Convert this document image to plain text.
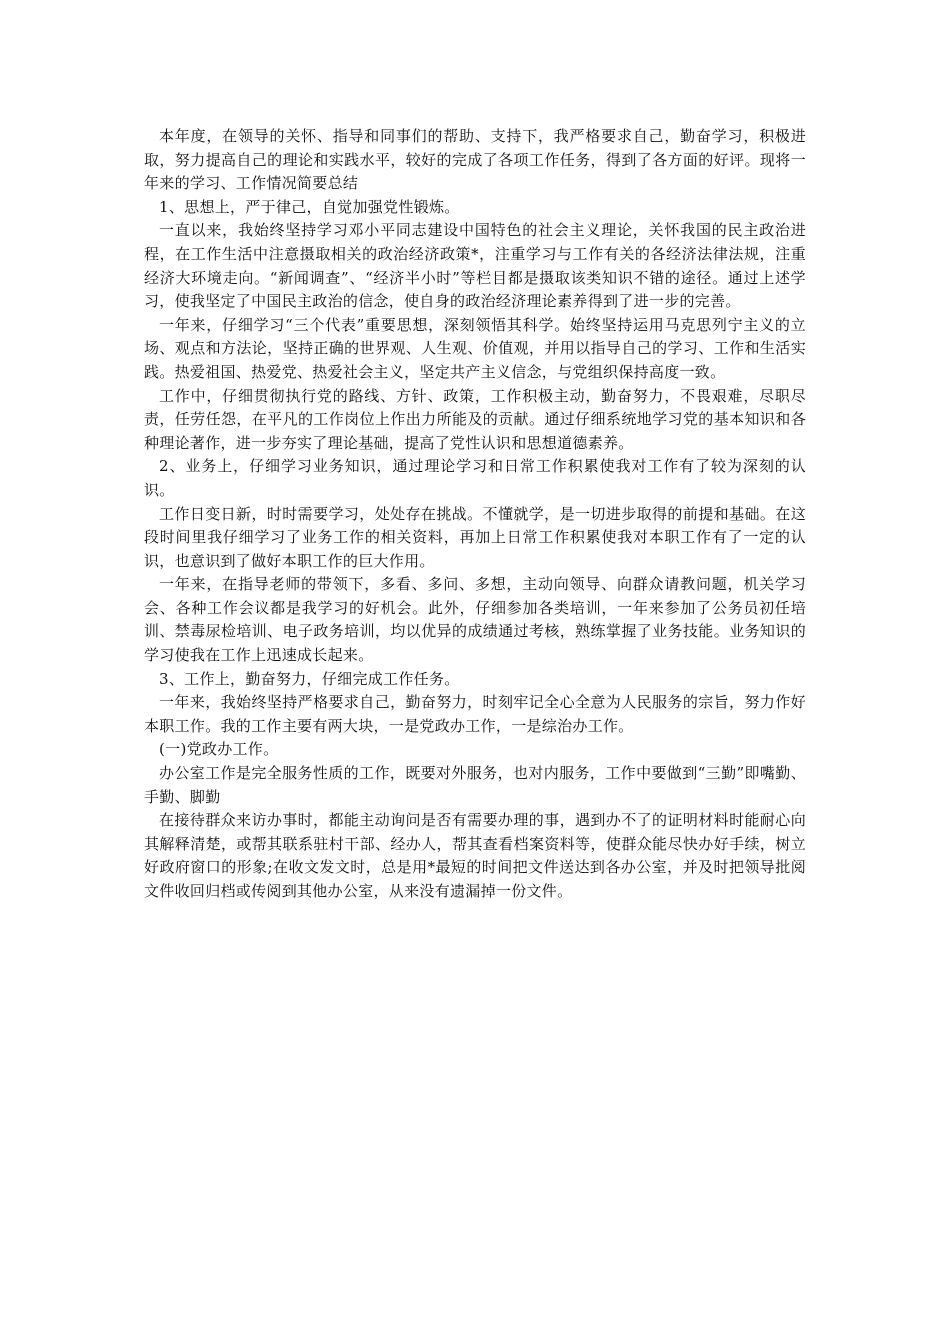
本年度，在领导的关怀、指导和同事们的帮助、支持下，我严格要求自己，勤奋学习，积极进取，努力提高自己的理论和实践水平，较好的完成了各项工作任务，得到了各方面的好评。现将一年来的学习、工作情况简要总结

1、思想上，严于律己，自觉加强党性锻炼。

一直以来，我始终坚持学习邓小平同志建设中国特色的社会主义理论，关怀我国的民主政治进程，在工作生活中注意摄取相关的政治经济政策*，注重学习与工作有关的各经济法律法规，注重经济大环境走向。“新闻调查”、“经济半小时”等栏目都是摄取该类知识不错的途径。通过上述学习，使我坚定了中国民主政治的信念，使自身的政治经济理论素养得到了进一步的完善。

一年来，仔细学习“三个代表”重要思想，深刻领悟其科学。始终坚持运用马克思列宁主义的立场、观点和方法论，坚持正确的世界观、人生观、价值观，并用以指导自己的学习、工作和生活实践。热爱祖国、热爱党、热爱社会主义，坚定共产主义信念，与党组织保持高度一致。

工作中，仔细贯彻执行党的路线、方针、政策，工作积极主动，勤奋努力，不畏艰难，尽职尽责，任劳任怨，在平凡的工作岗位上作出力所能及的贡献。通过仔细系统地学习党的基本知识和各种理论著作，进一步夯实了理论基础，提高了党性认识和思想道德素养。

2、业务上，仔细学习业务知识，通过理论学习和日常工作积累使我对工作有了较为深刻的认识。

工作日变日新，时时需要学习，处处存在挑战。不懂就学，是一切进步取得的前提和基础。在这段时间里我仔细学习了业务工作的相关资料，再加上日常工作积累使我对本职工作有了一定的认识，也意识到了做好本职工作的巨大作用。

一年来，在指导老师的带领下，多看、多问、多想，主动向领导、向群众请教问题，机关学习会、各种工作会议都是我学习的好机会。此外，仔细参加各类培训，一年来参加了公务员初任培训、禁毒尿检培训、电子政务培训，均以优异的成绩通过考核，熟练掌握了业务技能。业务知识的学习使我在工作上迅速成长起来。

3、工作上，勤奋努力，仔细完成工作任务。

一年来，我始终坚持严格要求自己，勤奋努力，时刻牢记全心全意为人民服务的宗旨，努力作好本职工作。我的工作主要有两大块，一是党政办工作，一是综治办工作。

(一)党政办工作。

办公室工作是完全服务性质的工作，既要对外服务，也对内服务，工作中要做到“三勤”即嘴勤、手勤、脚勤

在接待群众来访办事时，都能主动询问是否有需要办理的事，遇到办不了的证明材料时能耐心向其解释清楚，或帮其联系驻村干部、经办人，帮其查看档案资料等，使群众能尽快办好手续，树立好政府窗口的形象;在收文发文时，总是用*最短的时间把文件送达到各办公室，并及时把领导批阅文件收回归档或传阅到其他办公室，从来没有遗漏掉一份文件。
